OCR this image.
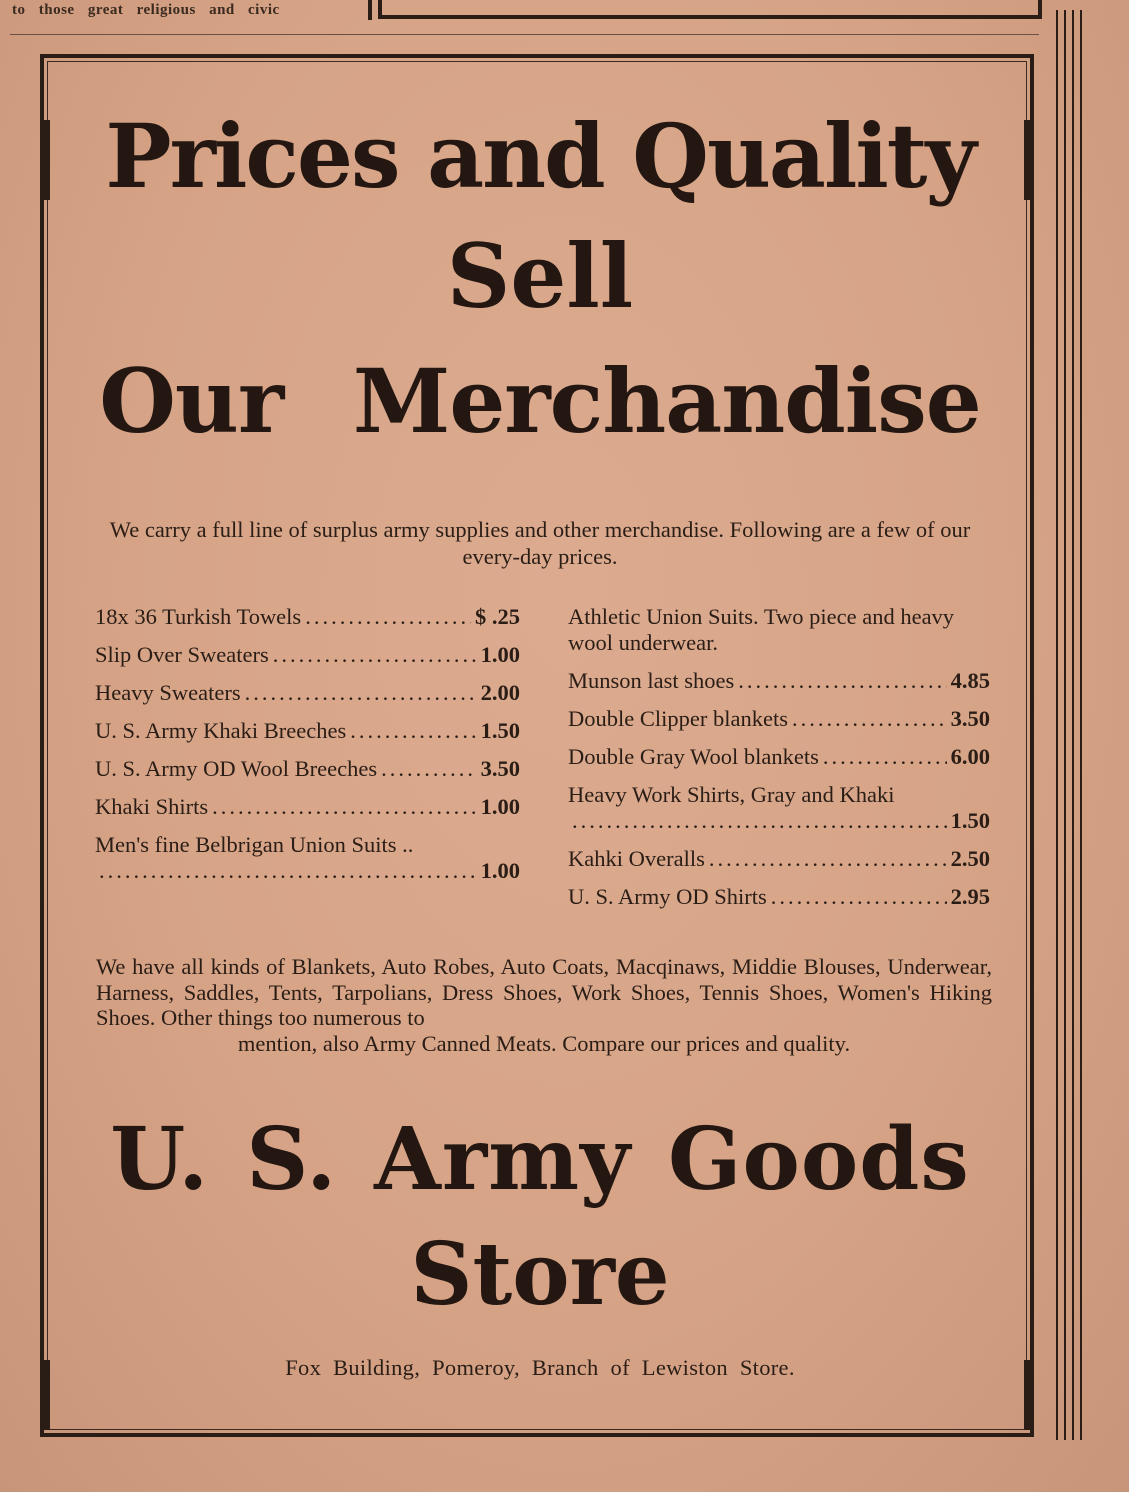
to those great religious and civic
Prices and Quality
Sell
Our Merchandise
We carry a full line of surplus army supplies and other merchandise. Following are a few of our every-day prices.
18x 36 Turkish Towels .....	$ .25
Slip Over Sweaters .....	1.00
Heavy Sweaters .....	2.00
U. S. Army Khaki Breeches .....	1.50
U. S. Army OD Wool Breeches .....	3.50
Khaki Shirts .....	1.00
Men's fine Belbrigan Union Suits ..
.....
1.00
Athletic Union Suits. Two piece and heavy wool underwear.
Munson last shoes .....	4.85
Double Clipper blankets .....	3.50
Double Gray Wool blankets .....	6.00
Heavy Work Shirts, Gray and Khaki
.....
1.50
Kahki Overalls .....	2.50
U. S. Army OD Shirts .....	2.95
We have all kinds of Blankets, Auto Robes, Auto Coats, Macqinaws, Middie Blouses, Underwear, Harness, Saddles, Tents, Tarpolians, Dress Shoes, Work Shoes, Tennis Shoes, Women's Hiking Shoes. Other things too numerous to
mention, also Army Canned Meats. Compare our prices and quality.
U. S. Army Goods
Store
Fox Building, Pomeroy, Branch of Lewiston Store.
